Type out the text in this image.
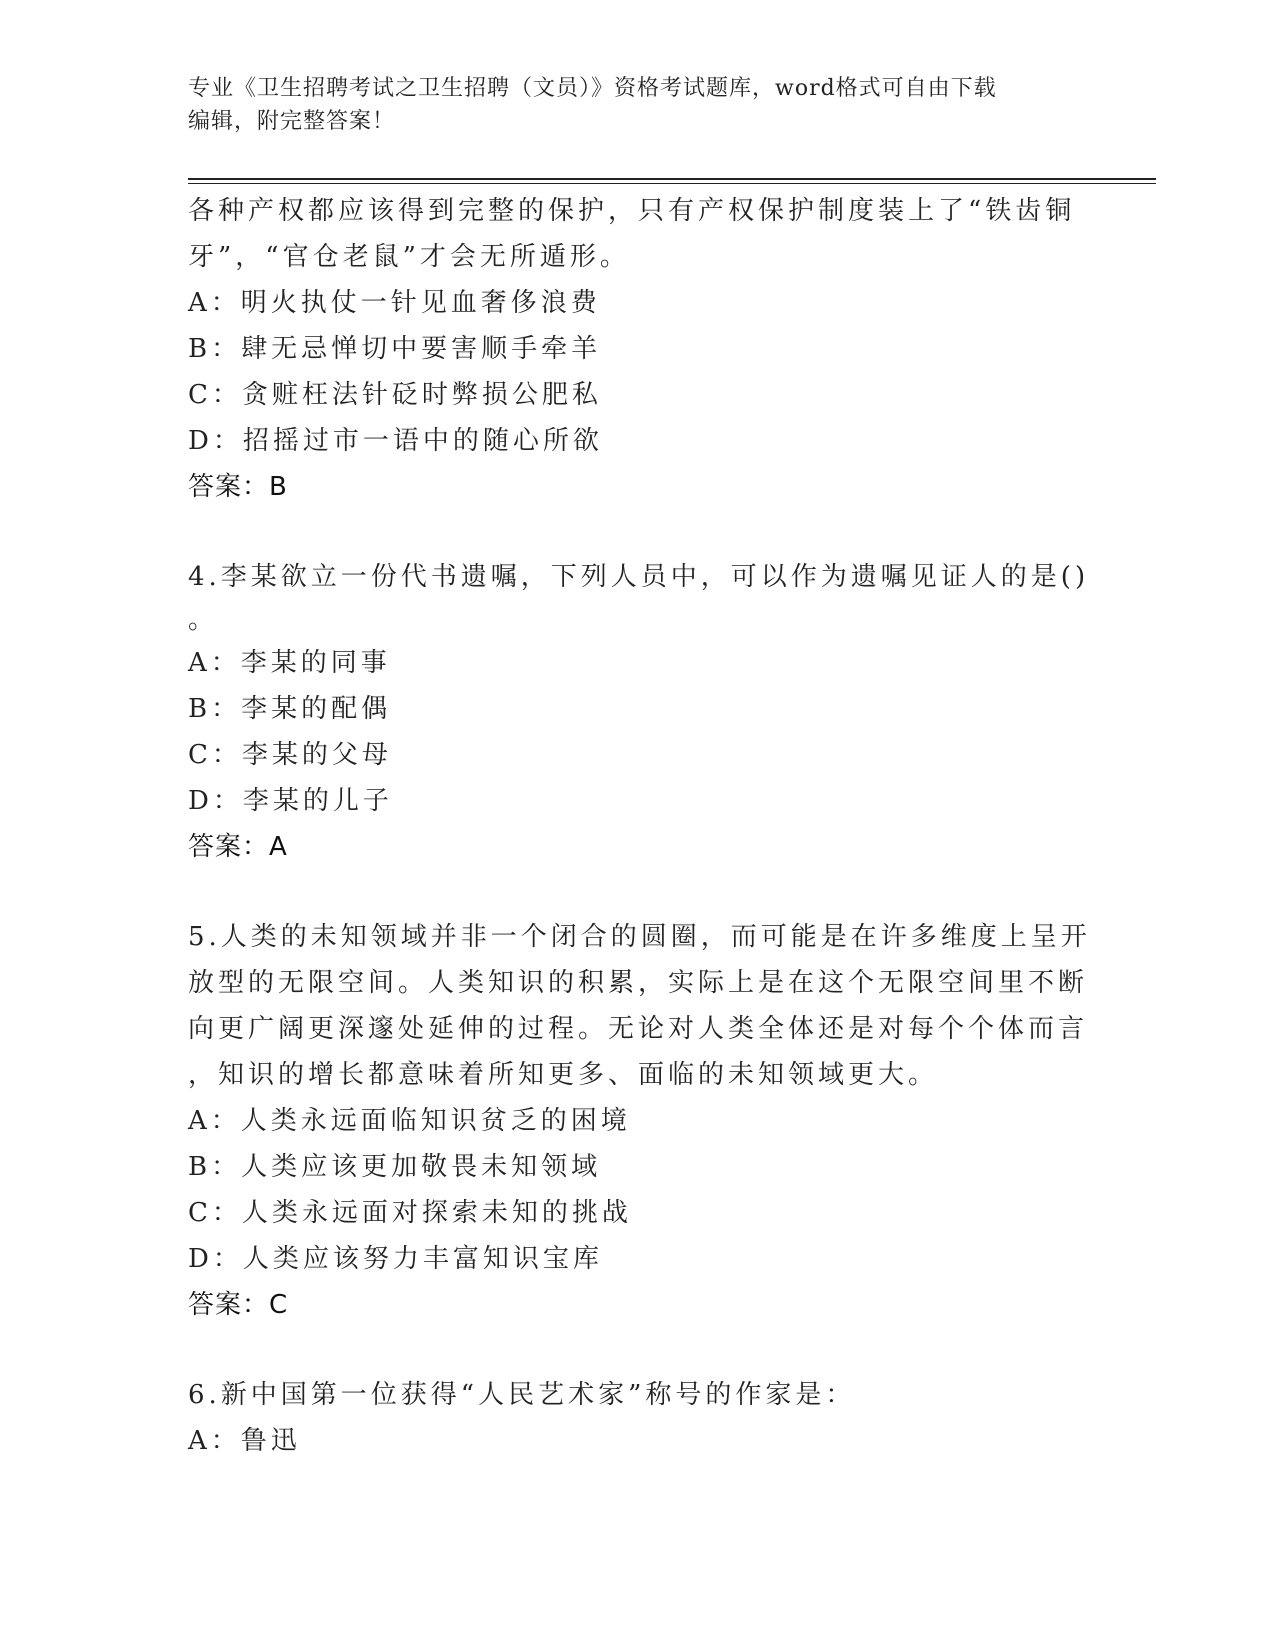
专业《卫生招聘考试之卫生招聘（文员）》资格考试题库，word格式可自由下载
编辑，附完整答案！

各种产权都应该得到完整的保护，只有产权保护制度装上了“铁齿铜

牙”，“官仓老鼠”才会无所遁形。

A：明火执仗一针见血奢侈浪费

B：肆无忌惮切中要害顺手牵羊

C：贪赃枉法针砭时弊损公肥私

D：招摇过市一语中的随心所欲

答案：B

4.李某欲立一份代书遗嘱，下列人员中，可以作为遗嘱见证人的是()

。

A：李某的同事

B：李某的配偶

C：李某的父母

D：李某的儿子

答案：A

5.人类的未知领域并非一个闭合的圆圈，而可能是在许多维度上呈开

放型的无限空间。人类知识的积累，实际上是在这个无限空间里不断

向更广阔更深邃处延伸的过程。无论对人类全体还是对每个个体而言

，知识的增长都意味着所知更多、面临的未知领域更大。

A：人类永远面临知识贫乏的困境

B：人类应该更加敬畏未知领域

C：人类永远面对探索未知的挑战

D：人类应该努力丰富知识宝库

答案：C

6.新中国第一位获得“人民艺术家”称号的作家是：

A：鲁迅
